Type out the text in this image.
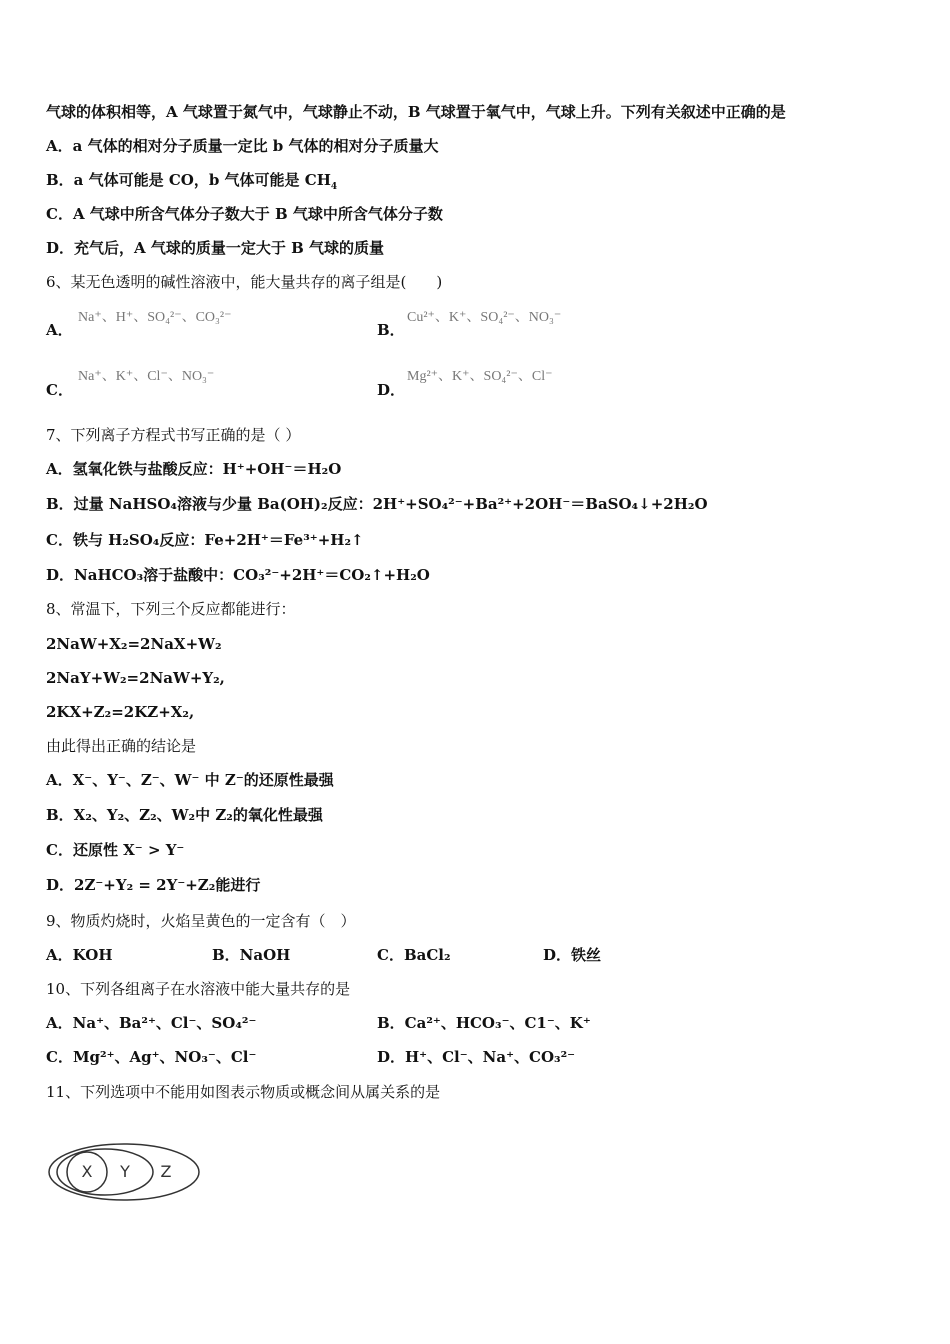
气球的体积相等，A 气球置于氮气中，气球静止不动，B 气球置于氧气中，气球上升。下列有关叙述中正确的是
A．a 气体的相对分子质量一定比 b 气体的相对分子质量大
B．a 气体可能是 CO，b 气体可能是 $CH_4$
C．A 气球中所含气体分子数大于 B 气球中所含气体分子数
D．充气后，A 气球的质量一定大于 B 气球的质量
6、某无色透明的碱性溶液中，能大量共存的离子组是(　　)
A．
Na⁺、H⁺、SO₄²⁻、CO₃²⁻
B．
Cu²⁺、K⁺、SO₄²⁻、NO₃⁻
C．
Na⁺、K⁺、Cl⁻、NO₃⁻
D．
Mg²⁺、K⁺、SO₄²⁻、Cl⁻
7、下列离子方程式书写正确的是（ ）
A．氢氧化铁与盐酸反应：H⁺+OH⁻＝H₂O
B．过量 NaHSO₄溶液与少量 Ba(OH)₂反应：2H⁺+SO₄²⁻+Ba²⁺+2OH⁻＝BaSO₄↓+2H₂O
C．铁与 H₂SO₄反应：Fe+2H⁺＝Fe³⁺+H₂↑
D．NaHCO₃溶于盐酸中：CO₃²⁻+2H⁺＝CO₂↑+H₂O
8、常温下，下列三个反应都能进行：
2NaW+X₂=2NaX+W₂
2NaY+W₂=2NaW+Y₂,
2KX+Z₂=2KZ+X₂,
由此得出正确的结论是
A．X⁻、Y⁻、Z⁻、W⁻ 中 Z⁻的还原性最强
B．X₂、Y₂、Z₂、W₂中 Z₂的氧化性最强
C．还原性 X⁻ > Y⁻
D．2Z⁻+Y₂ = 2Y⁻+Z₂能进行
9、物质灼烧时，火焰呈黄色的一定含有（　）
A．KOH	B．NaOH	C．BaCl₂	D．铁丝
10、下列各组离子在水溶液中能大量共存的是
A．Na⁺、Ba²⁺、Cl⁻、SO₄²⁻	B．Ca²⁺、HCO₃⁻、C1⁻、K⁺
C．Mg²⁺、Ag⁺、NO₃⁻、Cl⁻	D．H⁺、Cl⁻、Na⁺、CO₃²⁻
11、下列选项中不能用如图表示物质或概念间从属关系的是
X Y Z
